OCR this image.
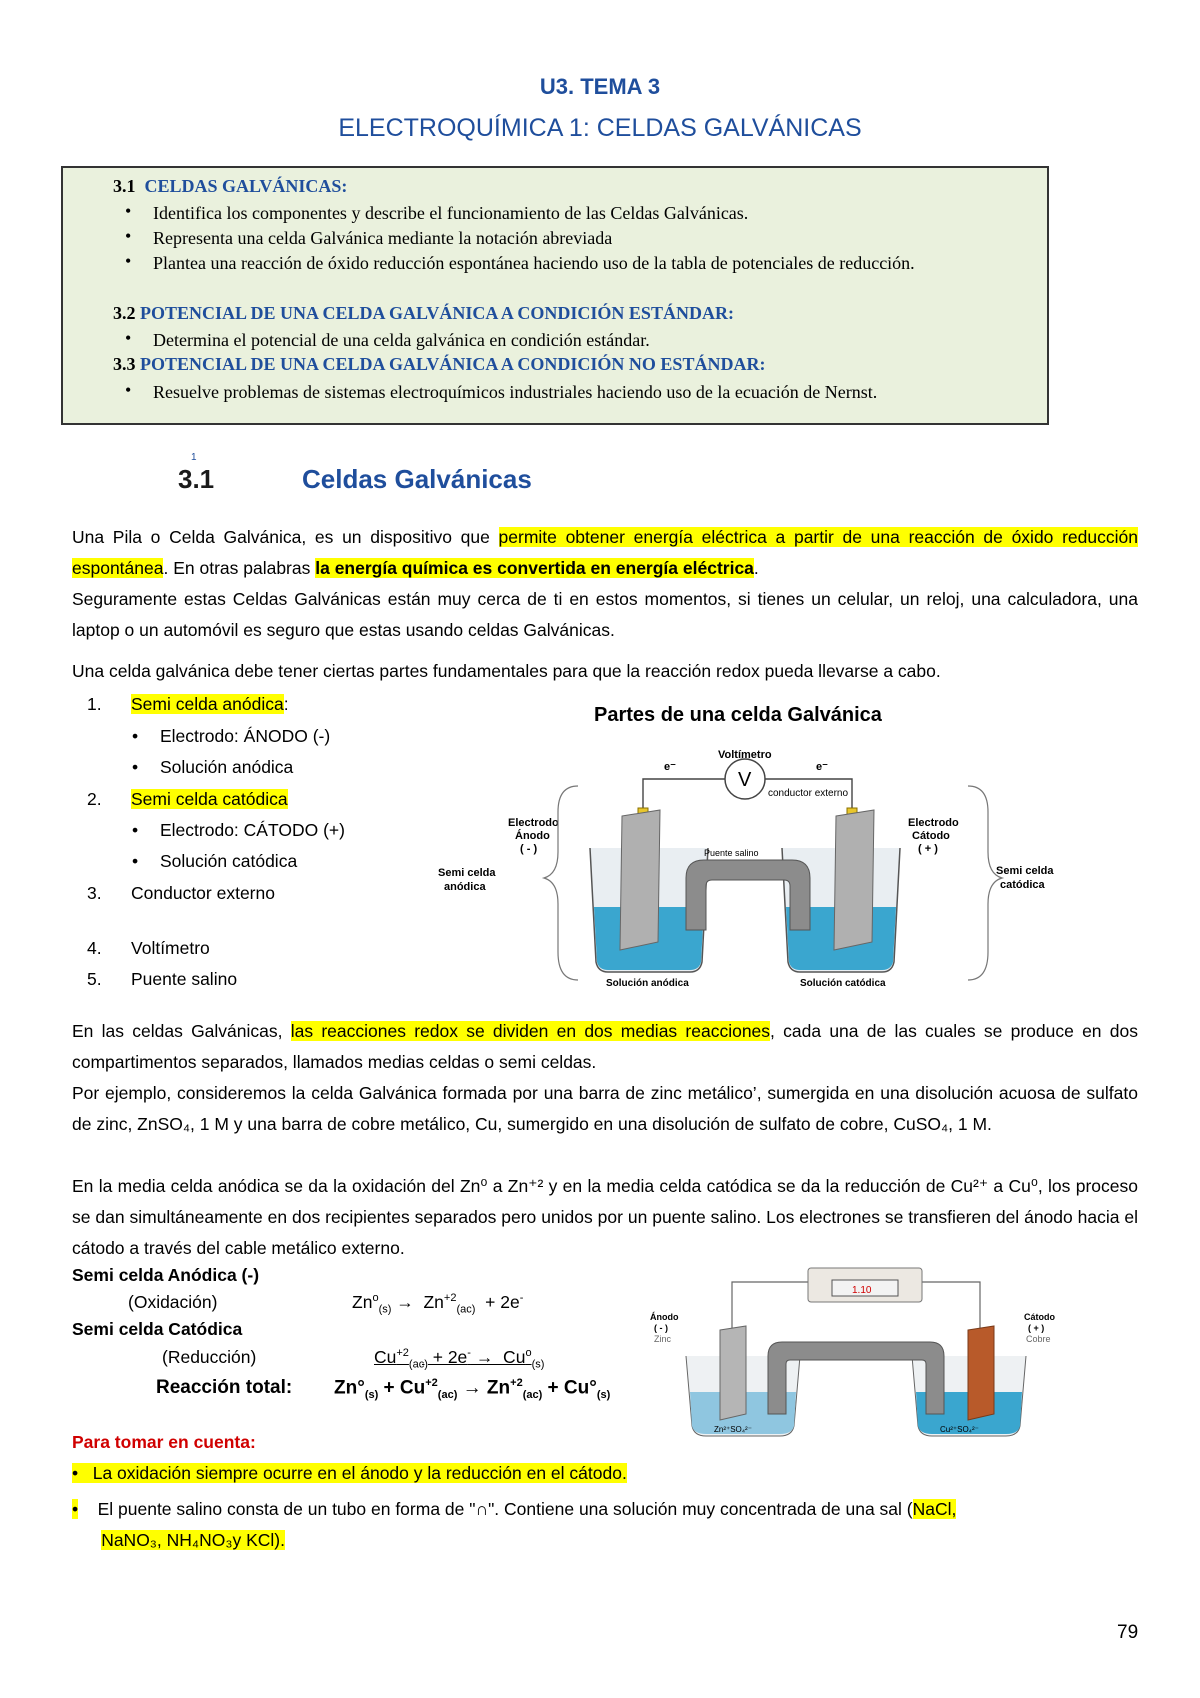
U3. TEMA 3
ELECTROQUÍMICA 1: CELDAS GALVÁNICAS
3.1 CELDAS GALVÁNICAS:
• Identifica los componentes y describe el funcionamiento de las Celdas Galvánicas.
• Representa una celda Galvánica mediante la notación abreviada
• Plantea una reacción de óxido reducción espontánea haciendo uso de la tabla de potenciales de reducción.
3.2 POTENCIAL DE UNA CELDA GALVÁNICA A CONDICIÓN ESTÁNDAR:
• Determina el potencial de una celda galvánica en condición estándar.
3.3 POTENCIAL DE UNA CELDA GALVÁNICA A CONDICIÓN NO ESTÁNDAR:
• Resuelve problemas de sistemas electroquímicos industriales haciendo uso de la ecuación de Nernst.
1
3.1	Celdas Galvánicas
Una Pila o Celda Galvánica, es un dispositivo que permite obtener energía eléctrica a partir de una reacción de óxido reducción espontánea. En otras palabras la energía química es convertida en energía eléctrica.
Seguramente estas Celdas Galvánicas están muy cerca de ti en estos momentos, si tienes un celular, un reloj, una calculadora, una laptop o un automóvil es seguro que estas usando celdas Galvánicas.
Una celda galvánica debe tener ciertas partes fundamentales para que la reacción redox pueda llevarse a cabo.
1.	Semi celda anódica:
• Electrodo: ÁNODO (-)
• Solución anódica
2.	Semi celda catódica
• Electrodo: CÁTODO (+)
• Solución catódica
3.	Conductor externo
4.	Voltímetro
5.	Puente salino
Partes de una celda Galvánica
V
Voltímetro
e⁻	e⁻
conductor externo
Puente salino
Electrodo
Ánodo
( - )
Electrodo
Cátodo
( + )
Semi celda
anódica
Semi celda
catódica
Solución anódica	Solución catódica
En las celdas Galvánicas, las reacciones redox se dividen en dos medias reacciones, cada una de las cuales se produce en dos compartimentos separados, llamados medias celdas o semi celdas.
Por ejemplo, consideremos la celda Galvánica formada por una barra de zinc metálico’, sumergida en una disolución acuosa de sulfato de zinc, ZnSO₄, 1 M y una barra de cobre metálico, Cu, sumergido en una disolución de sulfato de cobre, CuSO₄, 1 M.
En la media celda anódica se da la oxidación del Zn⁰ a Zn⁺² y en la media celda catódica se da la reducción de Cu²⁺ a Cu⁰, los proceso se dan simultáneamente en dos recipientes separados pero unidos por un puente salino. Los electrones se transfieren del ánodo hacia el cátodo a través del cable metálico externo.
Semi celda Anódica (-)
(Oxidación)	$Zn^o_{(s)} \to Zn^{+2}_{(ac)} + 2e^-$
Semi celda Catódica
(Reducción)	$Cu^{+2}_{(ac)} + 2e^- \to Cu^o_{(s)}$
Reacción total: $Zn^\circ_{(s)} + Cu^{+2}_{(ac)} \to Zn^{+2}_{(ac)} + Cu^\circ_{(s)}$
1.10
Ánodo
( - )
Zinc
Cátodo
( + )
Cobre
Zn²⁺SO₄²⁻	Cu²⁺SO₄²⁻
Para tomar en cuenta:
•   La oxidación siempre ocurre en el ánodo y la reducción en el cátodo.
• El puente salino consta de un tubo en forma de "∩". Contiene una solución muy concentrada de una sal (NaCl,
NaNO₃, NH₄NO₃y KCl).
79
